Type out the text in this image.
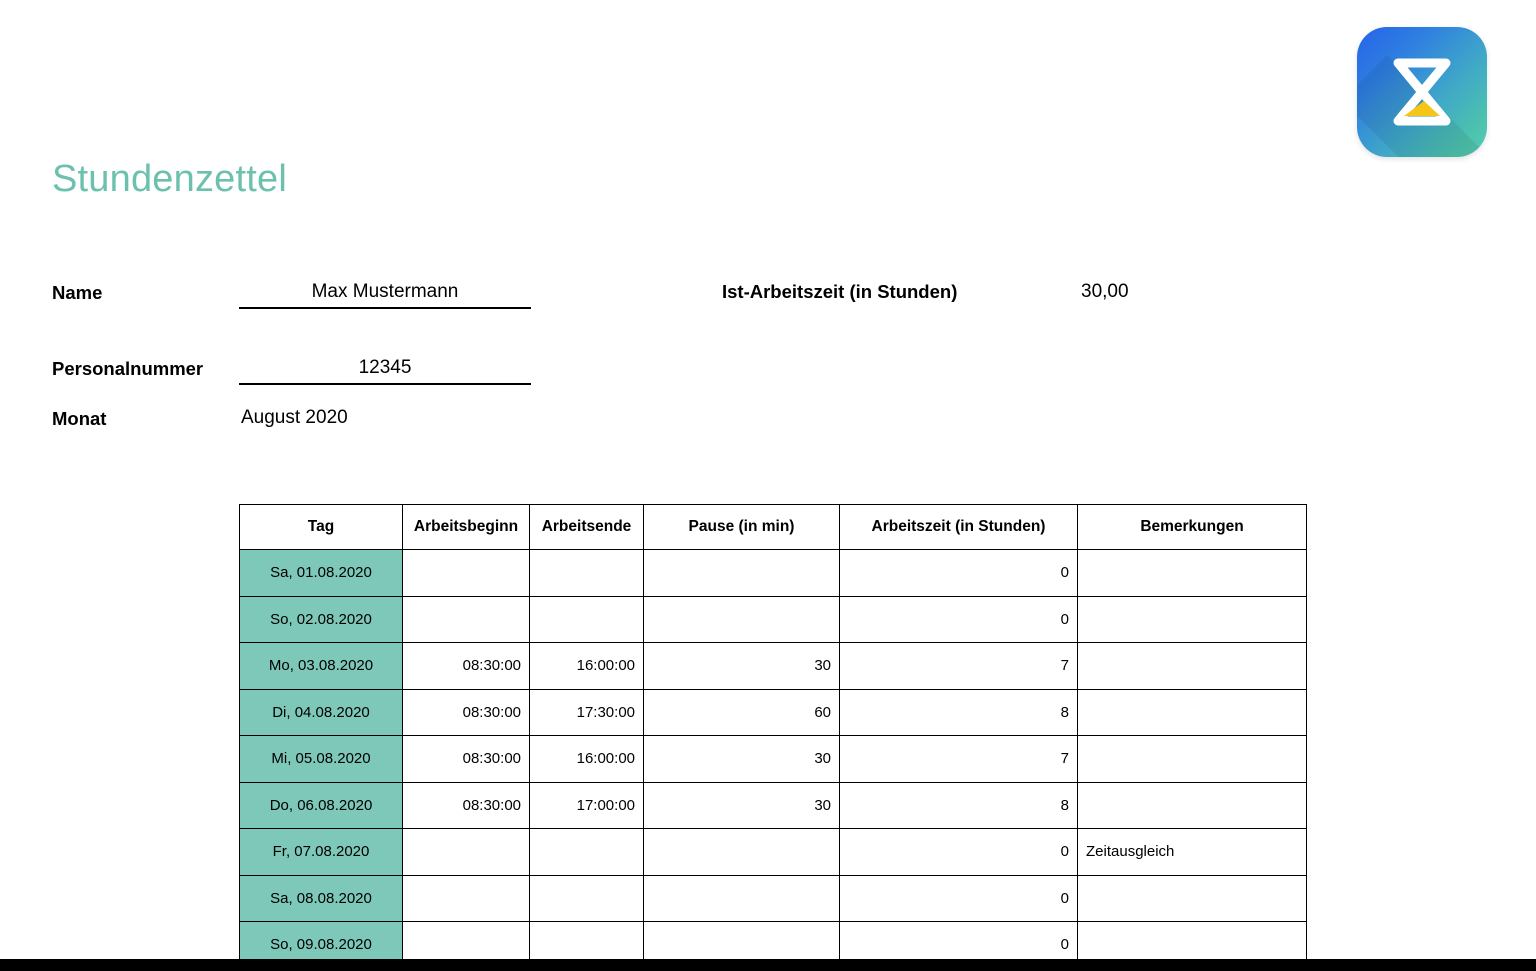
Stundenzettel
Name	Max Mustermann
Personalnummer	12345
Monat	August 2020
Ist-Arbeitszeit (in Stunden)	30,00
Tag	Arbeitsbeginn	Arbeitsende	Pause (in min)	Arbeitszeit (in Stunden)	Bemerkungen
Sa, 01.08.2020				0	
So, 02.08.2020				0	
Mo, 03.08.2020	08:30:00	16:00:00	30	7	
Di, 04.08.2020	08:30:00	17:30:00	60	8	
Mi, 05.08.2020	08:30:00	16:00:00	30	7	
Do, 06.08.2020	08:30:00	17:00:00	30	8	
Fr, 07.08.2020				0	Zeitausgleich
Sa, 08.08.2020				0	
So, 09.08.2020				0	
